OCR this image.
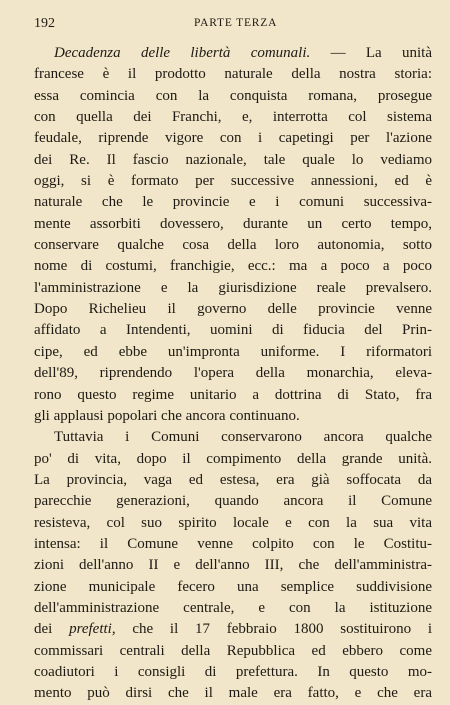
192	PARTE TERZA
Decadenza delle libertà comunali. — La unità
francese è il prodotto naturale della nostra storia:
essa comincia con la conquista romana, prosegue
con quella dei Franchi, e, interrotta col sistema
feudale, riprende vigore con i capetingi per l'azione
dei Re. Il fascio nazionale, tale quale lo vediamo
oggi, si è formato per successive annessioni, ed è
naturale che le provincie e i comuni successiva-
mente assorbiti dovessero, durante un certo tempo,
conservare qualche cosa della loro autonomia, sotto
nome di costumi, franchigie, ecc.: ma a poco a poco
l'amministrazione e la giurisdizione reale prevalsero.
Dopo Richelieu il governo delle provincie venne
affidato a Intendenti, uomini di fiducia del Prin-
cipe, ed ebbe un'impronta uniforme. I riformatori
dell'89, riprendendo l'opera della monarchia, eleva-
rono questo regime unitario a dottrina di Stato, fra
gli applausi popolari che ancora continuano.
Tuttavia i Comuni conservarono ancora qualche
po' di vita, dopo il compimento della grande unità.
La provincia, vaga ed estesa, era già soffocata da
parecchie generazioni, quando ancora il Comune
resisteva, col suo spirito locale e con la sua vita
intensa: il Comune venne colpito con le Costitu-
zioni dell'anno II e dell'anno III, che dell'amministra-
zione municipale fecero una semplice suddivisione
dell'amministrazione centrale, e con la istituzione
dei prefetti, che il 17 febbraio 1800 sostituirono i
commissari centrali della Repubblica ed ebbero come
coadiutori i consigli di prefettura. In questo mo-
mento può dirsi che il male era fatto, e che era
